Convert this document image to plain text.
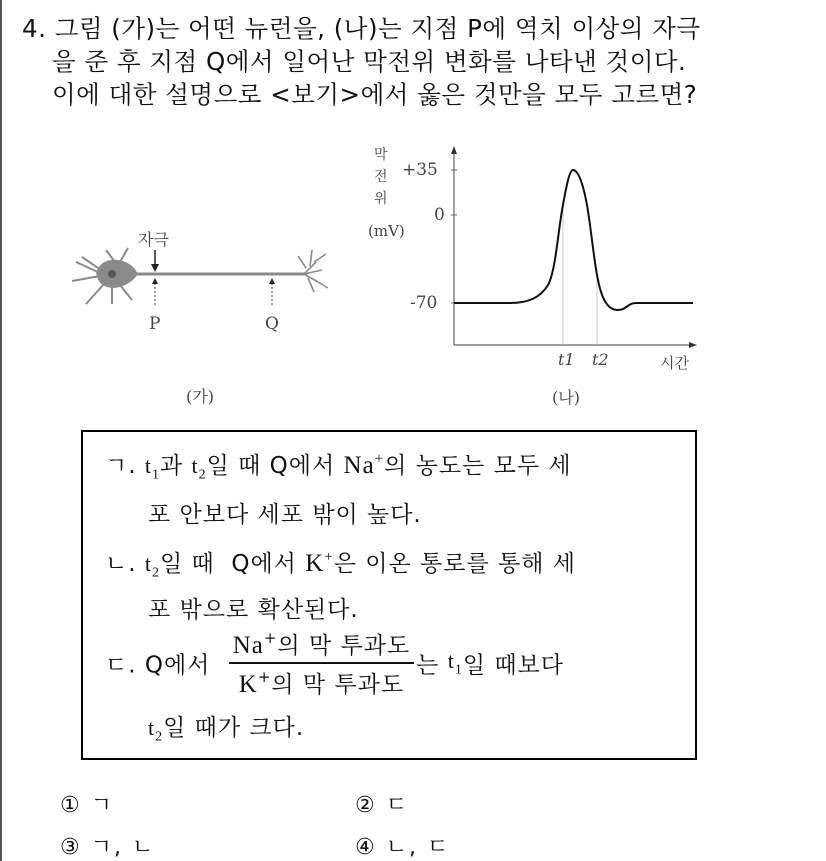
4. 그림 (가)는 어떤 뉴런을, (나)는 지점 P에 역치 이상의 자극
을 준 후 지점 Q에서 일어난 막전위 변화를 나타낸 것이다.
이에 대한 설명으로 <보기>에서 옳은 것만을 모두 고르면?
자극
P	Q
(가)
막
전
위
(mV)
+35
0
-70
t1 t2	시간
(나)
ㄱ. $t_1$과 $t_2$일 때 Q에서 Na+의 농도는 모두 세
포 안보다 세포 밖이 높다.
ㄴ. $t_2$일 때  Q에서 K+은 이온 통로를 통해 세
포 밖으로 확산된다.
ㄷ. Q에서 $\frac{Na^+의 막 투과도}{K^+의 막 투과도}$ 는 $t_1$일 때보다
$t_2$일 때가 크다.
① ㄱ	② ㄷ
③ ㄱ, ㄴ	④ ㄴ, ㄷ
